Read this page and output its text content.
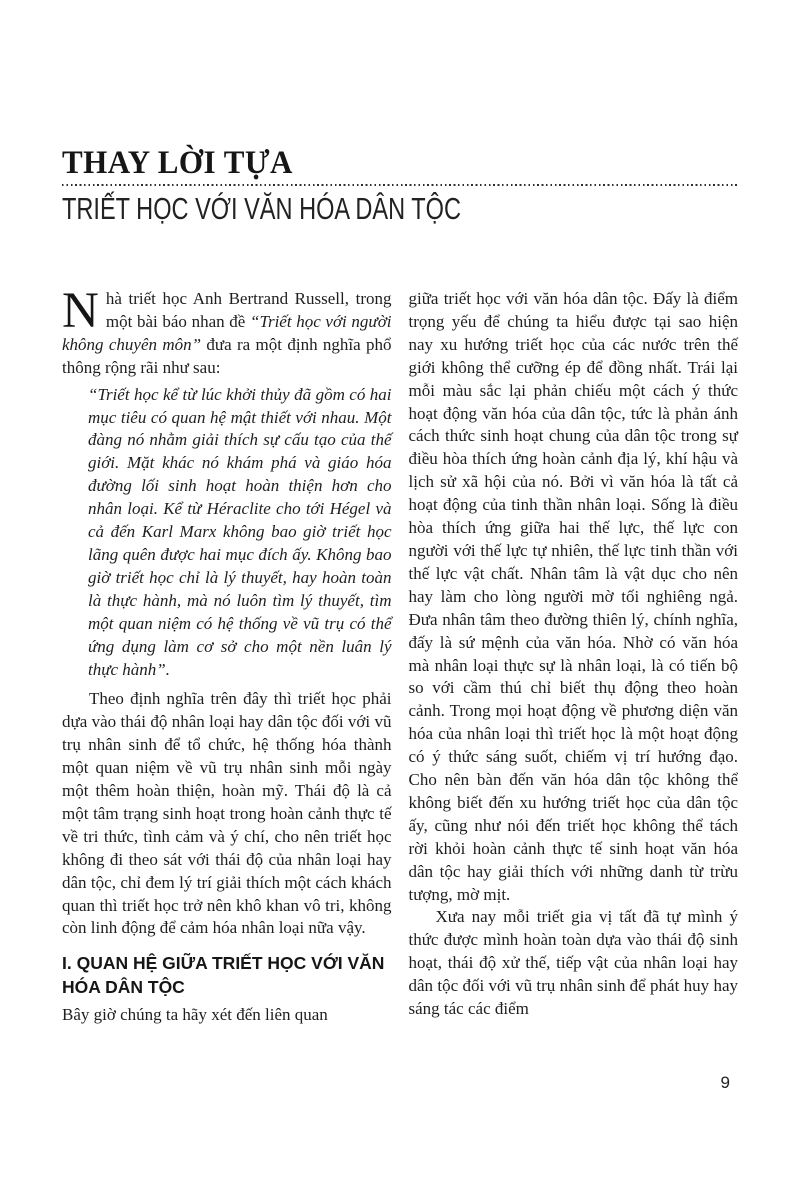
THAY LỜI TỰA
TRIẾT HỌC VỚI VĂN HÓA DÂN TỘC

Nhà triết học Anh Bertrand Russell, trong một bài báo nhan đề “Triết học với người không chuyên môn” đưa ra một định nghĩa phổ thông rộng rãi như sau:

“Triết học kể từ lúc khởi thủy đã gồm có hai mục tiêu có quan hệ mật thiết với nhau. Một đàng nó nhằm giải thích sự cấu tạo của thế giới. Mặt khác nó khám phá và giáo hóa đường lối sinh hoạt hoàn thiện hơn cho nhân loại. Kể từ Héraclite cho tới Hégel và cả đến Karl Marx không bao giờ triết học lãng quên được hai mục đích ấy. Không bao giờ triết học chỉ là lý thuyết, hay hoàn toàn là thực hành, mà nó luôn tìm lý thuyết, tìm một quan niệm có hệ thống về vũ trụ có thể ứng dụng làm cơ sở cho một nền luân lý thực hành”.

Theo định nghĩa trên đây thì triết học phải dựa vào thái độ nhân loại hay dân tộc đối với vũ trụ nhân sinh để tổ chức, hệ thống hóa thành một quan niệm về vũ trụ nhân sinh mỗi ngày một thêm hoàn thiện, hoàn mỹ. Thái độ là cả một tâm trạng sinh hoạt trong hoàn cảnh thực tế về tri thức, tình cảm và ý chí, cho nên triết học không đi theo sát với thái độ của nhân loại hay dân tộc, chỉ đem lý trí giải thích một cách khách quan thì triết học trở nên khô khan vô tri, không còn linh động để cảm hóa nhân loại nữa vậy.

I. QUAN HỆ GIỮA TRIẾT HỌC VỚI VĂN HÓA DÂN TỘC

Bây giờ chúng ta hãy xét đến liên quan

giữa triết học với văn hóa dân tộc. Đấy là điểm trọng yếu để chúng ta hiểu được tại sao hiện nay xu hướng triết học của các nước trên thế giới không thể cưỡng ép để đồng nhất. Trái lại mỗi màu sắc lại phản chiếu một cách ý thức hoạt động văn hóa của dân tộc, tức là phản ánh cách thức sinh hoạt chung của dân tộc trong sự điều hòa thích ứng hoàn cảnh địa lý, khí hậu và lịch sử xã hội của nó. Bởi vì văn hóa là tất cả hoạt động của tinh thần nhân loại. Sống là điều hòa thích ứng giữa hai thế lực, thế lực con người với thế lực tự nhiên, thế lực tinh thần với thế lực vật chất. Nhân tâm là vật dục cho nên hay làm cho lòng người mờ tối nghiêng ngả. Đưa nhân tâm theo đường thiên lý, chính nghĩa, đấy là sứ mệnh của văn hóa. Nhờ có văn hóa mà nhân loại thực sự là nhân loại, là có tiến bộ so với cầm thú chỉ biết thụ động theo hoàn cảnh. Trong mọi hoạt động về phương diện văn hóa của nhân loại thì triết học là một hoạt động có ý thức sáng suốt, chiếm vị trí hướng đạo. Cho nên bàn đến văn hóa dân tộc không thể không biết đến xu hướng triết học của dân tộc ấy, cũng như nói đến triết học không thể tách rời khỏi hoàn cảnh thực tế sinh hoạt văn hóa dân tộc hay giải thích với những danh từ trừu tượng, mờ mịt.

Xưa nay mỗi triết gia vị tất đã tự mình ý thức được mình hoàn toàn dựa vào thái độ sinh hoạt, thái độ xử thế, tiếp vật của nhân loại hay dân tộc đối với vũ trụ nhân sinh để phát huy hay sáng tác các điểm

9
